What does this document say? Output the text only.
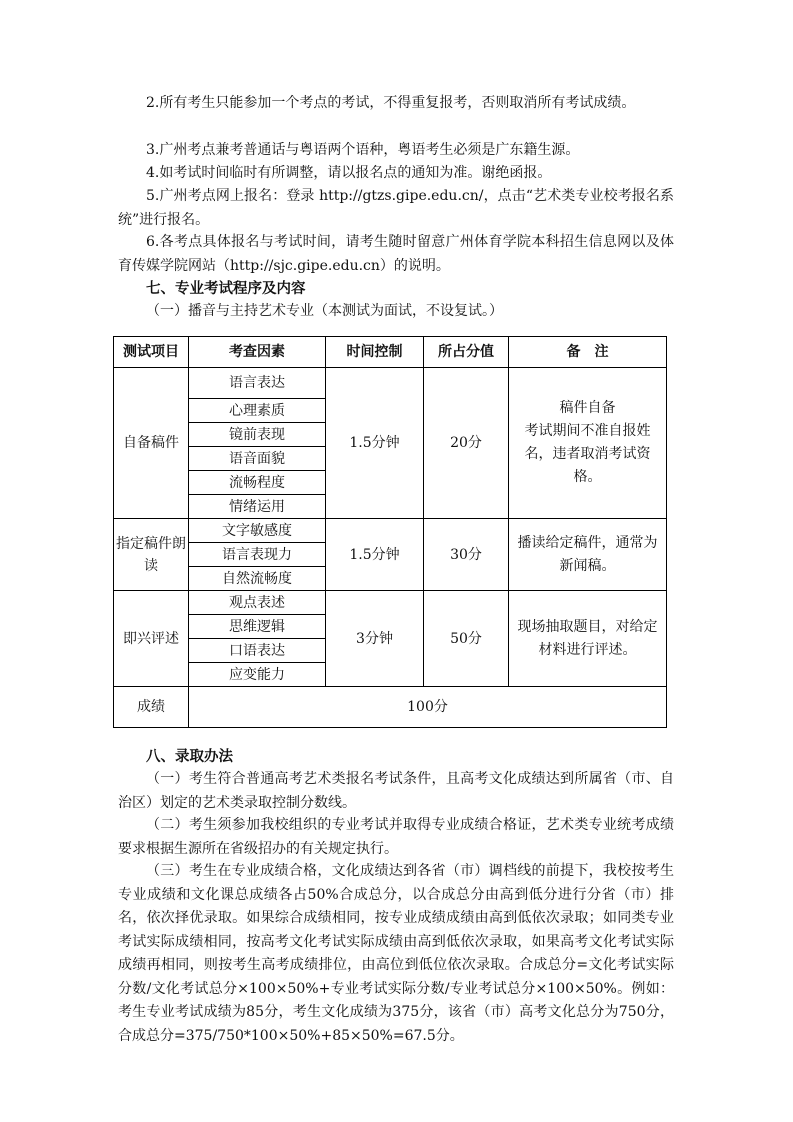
2.所有考生只能参加一个考点的考试，不得重复报考，否则取消所有考试成绩。

3.广州考点兼考普通话与粤语两个语种，粤语考生必须是广东籍生源。

4.如考试时间临时有所调整，请以报名点的通知为准。谢绝函报。

5.广州考点网上报名：登录 http://gtzs.gipe.edu.cn/，点击“艺术类专业校考报名系统”进行报名。

6.各考点具体报名与考试时间，请考生随时留意广州体育学院本科招生信息网以及体育传媒学院网站（http://sjc.gipe.edu.cn）的说明。

七、专业考试程序及内容

（一）播音与主持艺术专业（本测试为面试，不设复试。）

测试项目	考查因素	时间控制	所占分值	备　注
自备稿件	语言表达	1.5分钟	20分	稿件自备
考试期间不准自报姓名，违者取消考试资格。
	心理素质			
	镜前表现			
	语音面貌			
	流畅程度			
	情绪运用			
指定稿件朗读	文字敏感度	1.5分钟	30分	播读给定稿件，通常为新闻稿。
	语言表现力			
	自然流畅度			
即兴评述	观点表述	3分钟	50分	现场抽取题目，对给定材料进行评述。
	思维逻辑			
	口语表达			
	应变能力			
成绩	100分			

八、录取办法

（一）考生符合普通高考艺术类报名考试条件，且高考文化成绩达到所属省（市、自治区）划定的艺术类录取控制分数线。

（二）考生须参加我校组织的专业考试并取得专业成绩合格证，艺术类专业统考成绩要求根据生源所在省级招办的有关规定执行。

（三）考生在专业成绩合格，文化成绩达到各省（市）调档线的前提下，我校按考生专业成绩和文化课总成绩各占50%合成总分，以合成总分由高到低分进行分省（市）排名，依次择优录取。如果综合成绩相同，按专业成绩成绩由高到低依次录取；如同类专业考试实际成绩相同，按高考文化考试实际成绩由高到低依次录取，如果高考文化考试实际成绩再相同，则按考生高考成绩排位，由高位到低位依次录取。合成总分=文化考试实际分数/文化考试总分×100×50%+专业考试实际分数/专业考试总分×100×50%。例如：考生专业考试成绩为85分，考生文化成绩为375分，该省（市）高考文化总分为750分，合成总分=375/750*100×50%+85×50%=67.5分。
